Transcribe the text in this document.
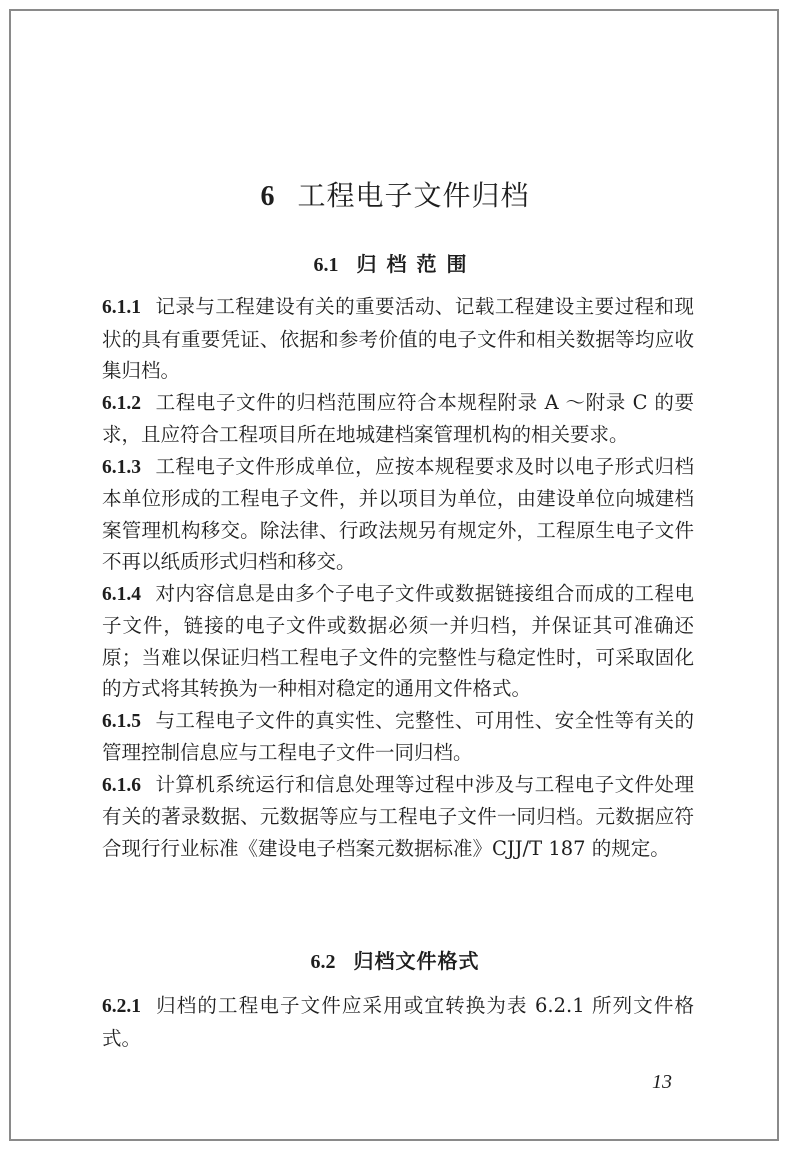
6 工程电子文件归档
6.1 归档范围
6.1.1 记录与工程建设有关的重要活动、记载工程建设主要过程和现状的具有重要凭证、依据和参考价值的电子文件和相关数据等均应收集归档。
6.1.2 工程电子文件的归档范围应符合本规程附录 A ～附录 C 的要求，且应符合工程项目所在地城建档案管理机构的相关要求。
6.1.3 工程电子文件形成单位，应按本规程要求及时以电子形式归档本单位形成的工程电子文件，并以项目为单位，由建设单位向城建档案管理机构移交。除法律、行政法规另有规定外，工程原生电子文件不再以纸质形式归档和移交。
6.1.4 对内容信息是由多个子电子文件或数据链接组合而成的工程电子文件，链接的电子文件或数据必须一并归档，并保证其可准确还原；当难以保证归档工程电子文件的完整性与稳定性时，可采取固化的方式将其转换为一种相对稳定的通用文件格式。
6.1.5 与工程电子文件的真实性、完整性、可用性、安全性等有关的管理控制信息应与工程电子文件一同归档。
6.1.6 计算机系统运行和信息处理等过程中涉及与工程电子文件处理有关的著录数据、元数据等应与工程电子文件一同归档。元数据应符合现行行业标准《建设电子档案元数据标准》CJJ/T 187 的规定。
6.2 归档文件格式
6.2.1 归档的工程电子文件应采用或宜转换为表 6.2.1 所列文件格式。
13
